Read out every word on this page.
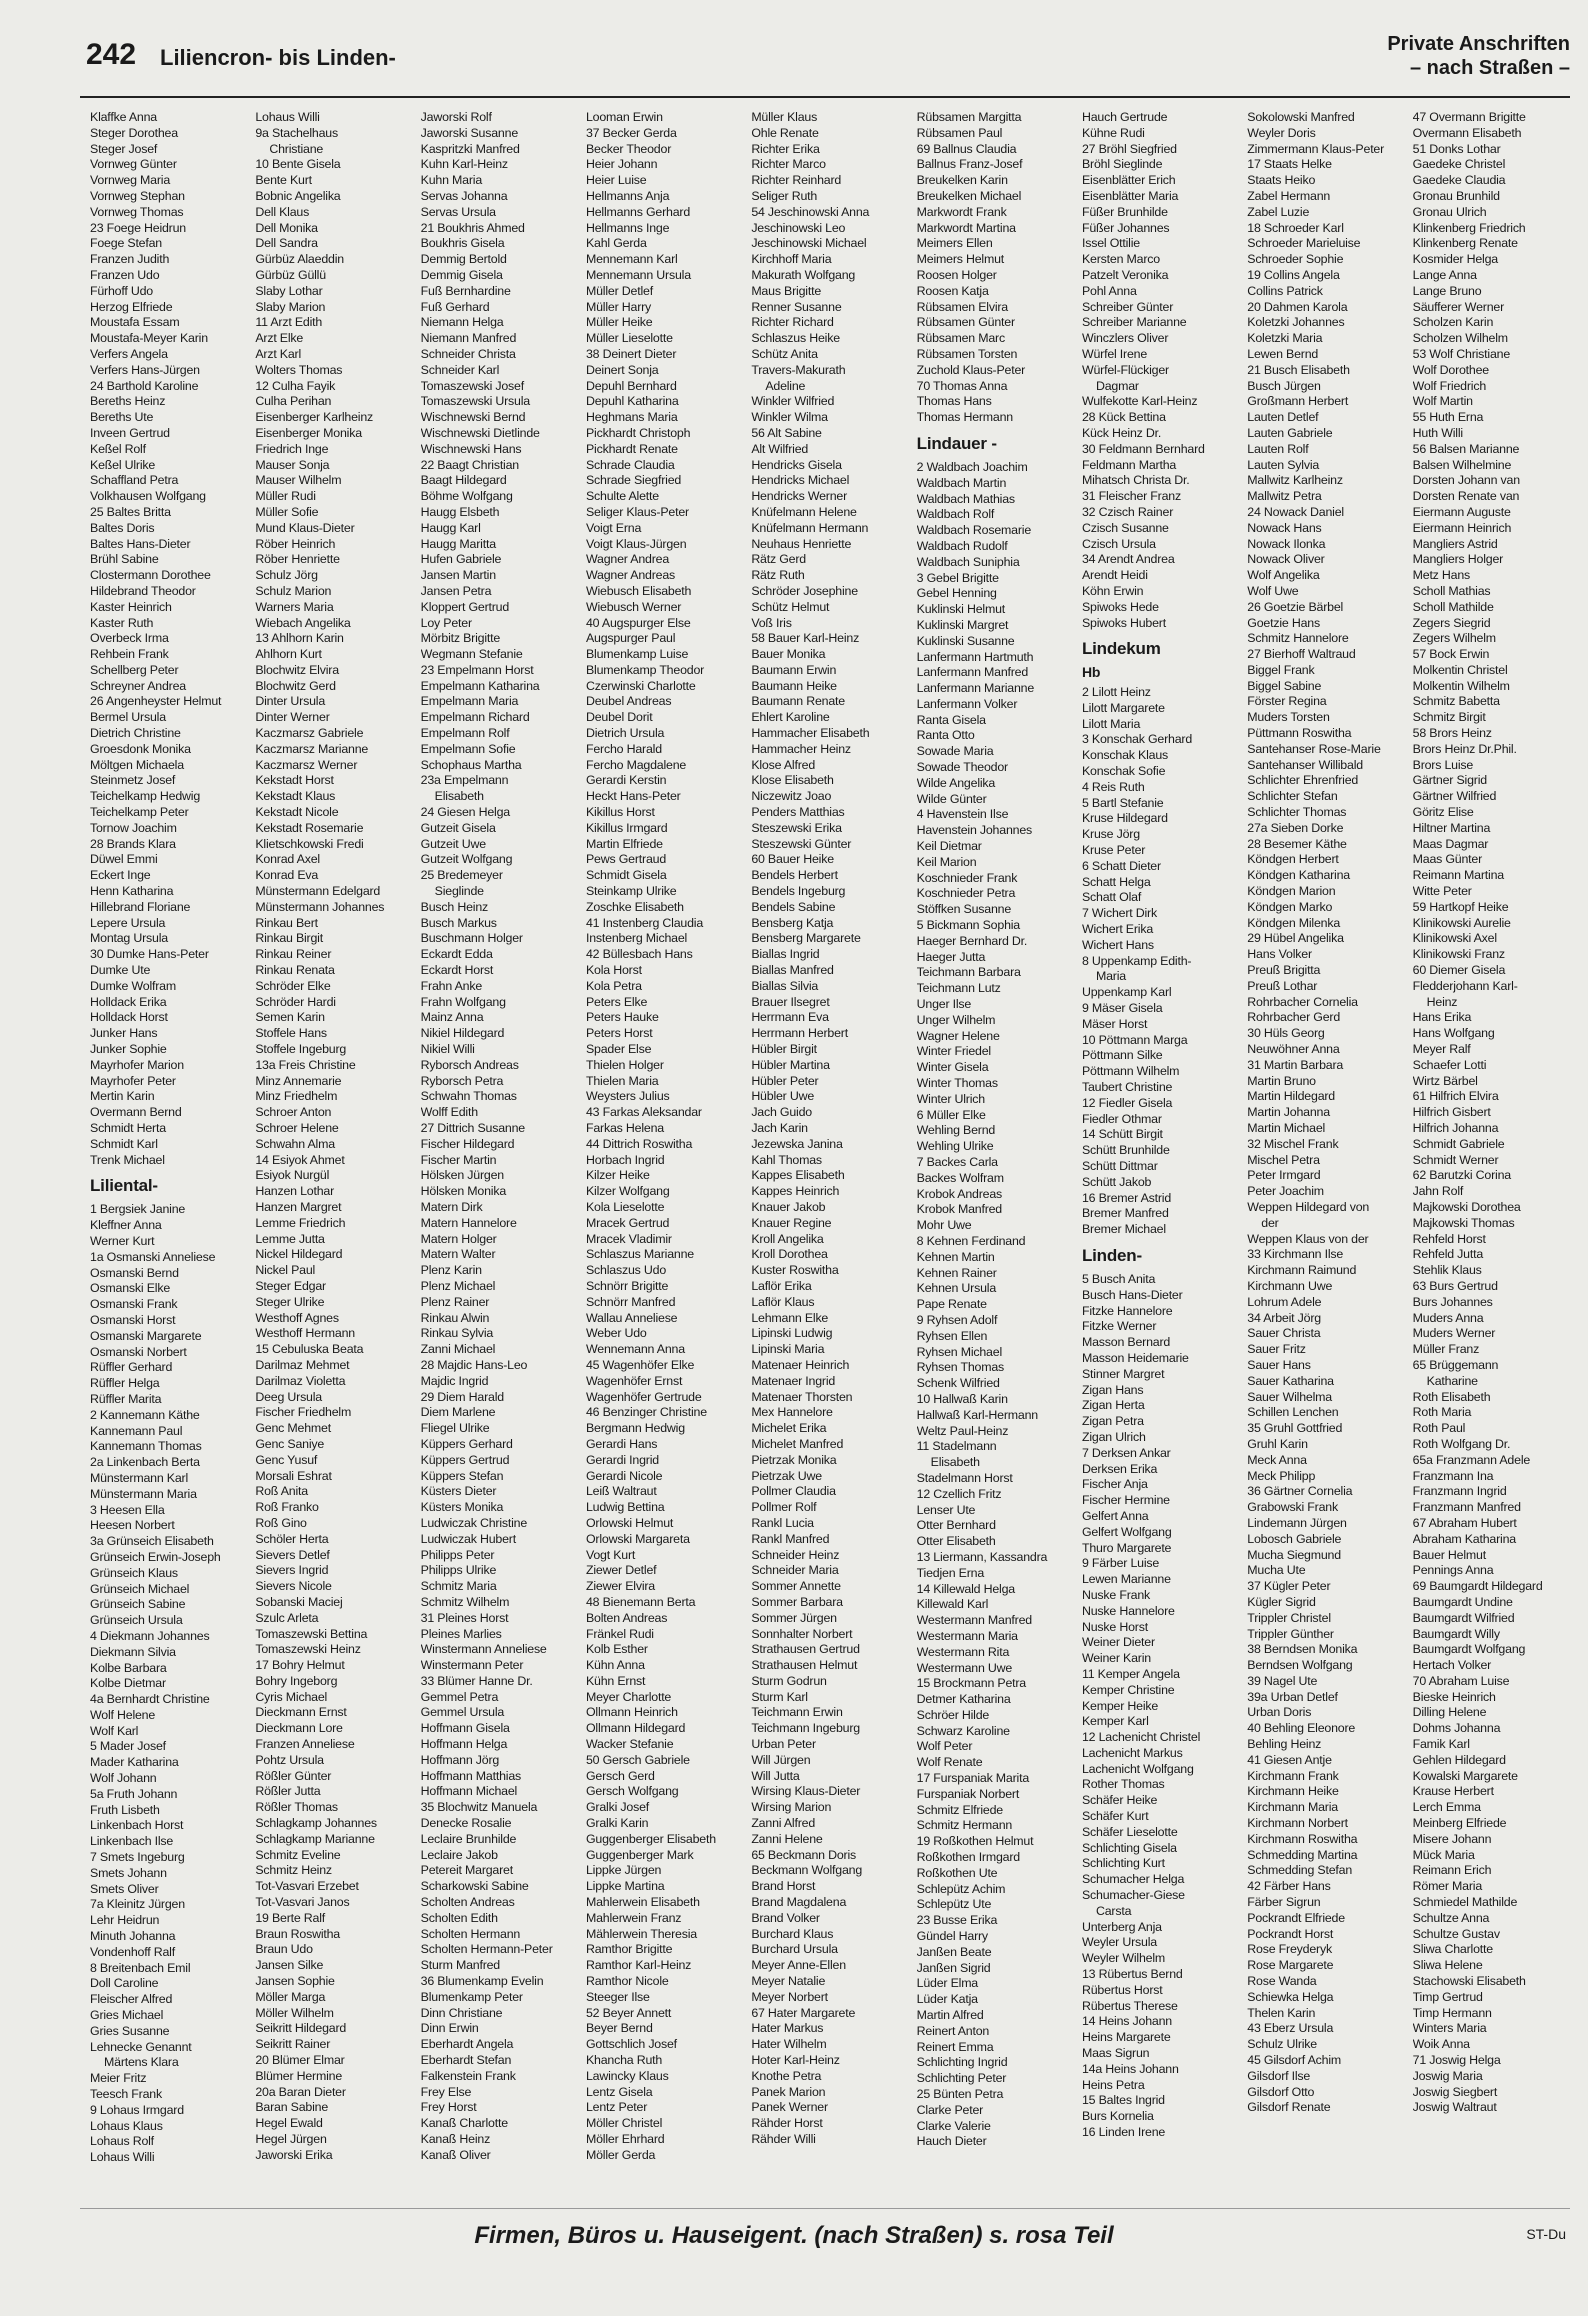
242 Liliencron- bis Linden-
Private Anschriften
– nach Straßen –
Klaffke Anna
Steger Dorothea
Steger Josef
Vornweg Günter
Vornweg Maria
Vornweg Stephan
Vornweg Thomas
23 Foege Heidrun
Foege Stefan
Franzen Judith
Franzen Udo
Fürhoff Udo
Herzog Elfriede
Moustafa Essam
Moustafa-Meyer Karin
Verfers Angela
Verfers Hans-Jürgen
24 Barthold Karoline
Bereths Heinz
Bereths Ute
Inveen Gertrud
Keßel Rolf
Keßel Ulrike
Schaffland Petra
Volkhausen Wolfgang
25 Baltes Britta
Baltes Doris
Baltes Hans-Dieter
Brühl Sabine
Clostermann Dorothee
Hildebrand Theodor
Kaster Heinrich
Kaster Ruth
Overbeck Irma
Rehbein Frank
Schellberg Peter
Schreyner Andrea
26 Angenheyster Helmut
Bermel Ursula
Dietrich Christine
Groesdonk Monika
Möltgen Michaela
Steinmetz Josef
Teichelkamp Hedwig
Teichelkamp Peter
Tornow Joachim
28 Brands Klara
Düwel Emmi
Eckert Inge
Henn Katharina
Hillebrand Floriane
Lepere Ursula
Montag Ursula
30 Dumke Hans-Peter
Dumke Ute
Dumke Wolfram
Holldack Erika
Holldack Horst
Junker Hans
Junker Sophie
Mayrhofer Marion
Mayrhofer Peter
Mertin Karin
Overmann Bernd
Schmidt Herta
Schmidt Karl
Trenk Michael
Liliental-
1 Bergsiek Janine
Kleffner Anna
Werner Kurt
1a Osmanski Anneliese
Osmanski Bernd
Osmanski Elke
Osmanski Frank
Osmanski Horst
Osmanski Margarete
Osmanski Norbert
Rüffler Gerhard
Rüffler Helga
Rüffler Marita
2 Kannemann Käthe
Kannemann Paul
Kannemann Thomas
2a Linkenbach Berta
Münstermann Karl
Münstermann Maria
3 Heesen Ella
Heesen Norbert
3a Grünseich Elisabeth
Grünseich Erwin-Joseph
Grünseich Klaus
Grünseich Michael
Grünseich Sabine
Grünseich Ursula
4 Diekmann Johannes
Diekmann Silvia
Kolbe Barbara
Kolbe Dietmar
4a Bernhardt Christine
Wolf Helene
Wolf Karl
5 Mader Josef
Mader Katharina
Wolf Johann
5a Fruth Johann
Fruth Lisbeth
Linkenbach Horst
Linkenbach Ilse
7 Smets Ingeburg
Smets Johann
Smets Oliver
7a Kleinitz Jürgen
Lehr Heidrun
Minuth Johanna
Vondenhoff Ralf
8 Breitenbach Emil
Doll Caroline
Fleischer Alfred
Gries Michael
Gries Susanne
Lehnecke Genannt
Märtens Klara
Meier Fritz
Teesch Frank
9 Lohaus Irmgard
Lohaus Klaus
Lohaus Rolf
Lohaus Willi
Lohaus Willi
9a Stachelhaus
Christiane
10 Bente Gisela
Bente Kurt
Bobnic Angelika
Dell Klaus
Dell Monika
Dell Sandra
Gürbüz Alaeddin
Gürbüz Güllü
Slaby Lothar
Slaby Marion
11 Arzt Edith
Arzt Elke
Arzt Karl
Wolters Thomas
12 Culha Fayik
Culha Perihan
Eisenberger Karlheinz
Eisenberger Monika
Friedrich Inge
Mauser Sonja
Mauser Wilhelm
Müller Rudi
Müller Sofie
Mund Klaus-Dieter
Röber Heinrich
Röber Henriette
Schulz Jörg
Schulz Marion
Warners Maria
Wiebach Angelika
13 Ahlhorn Karin
Ahlhorn Kurt
Blochwitz Elvira
Blochwitz Gerd
Dinter Ursula
Dinter Werner
Kaczmarsz Gabriele
Kaczmarsz Marianne
Kaczmarsz Werner
Kekstadt Horst
Kekstadt Klaus
Kekstadt Nicole
Kekstadt Rosemarie
Klietschkowski Fredi
Konrad Axel
Konrad Eva
Münstermann Edelgard
Münstermann Johannes
Rinkau Bert
Rinkau Birgit
Rinkau Reiner
Rinkau Renata
Schröder Elke
Schröder Hardi
Semen Karin
Stoffele Hans
Stoffele Ingeburg
13a Freis Christine
Minz Annemarie
Minz Friedhelm
Schroer Anton
Schroer Helene
Schwahn Alma
14 Esiyok Ahmet
Esiyok Nurgül
Hanzen Lothar
Hanzen Margret
Lemme Friedrich
Lemme Jutta
Nickel Hildegard
Nickel Paul
Steger Edgar
Steger Ulrike
Westhoff Agnes
Westhoff Hermann
15 Cebuluska Beata
Darilmaz Mehmet
Darilmaz Violetta
Deeg Ursula
Fischer Friedhelm
Genc Mehmet
Genc Saniye
Genc Yusuf
Morsali Eshrat
Roß Anita
Roß Franko
Roß Gino
Schöler Herta
Sievers Detlef
Sievers Ingrid
Sievers Nicole
Sobanski Maciej
Szulc Arleta
Tomaszewski Bettina
Tomaszewski Heinz
17 Bohry Helmut
Bohry Ingeborg
Cyris Michael
Dieckmann Ernst
Dieckmann Lore
Franzen Anneliese
Pohtz Ursula
Rößler Günter
Rößler Jutta
Rößler Thomas
Schlagkamp Johannes
Schlagkamp Marianne
Schmitz Eveline
Schmitz Heinz
Tot-Vasvari Erzebet
Tot-Vasvari Janos
19 Berte Ralf
Braun Roswitha
Braun Udo
Jansen Silke
Jansen Sophie
Möller Marga
Möller Wilhelm
Seikritt Hildegard
Seikritt Rainer
20 Blümer Elmar
Blümer Hermine
20a Baran Dieter
Baran Sabine
Hegel Ewald
Hegel Jürgen
Jaworski Erika
Jaworski Rolf
Jaworski Susanne
Kaspritzki Manfred
Kuhn Karl-Heinz
Kuhn Maria
Servas Johanna
Servas Ursula
21 Boukhris Ahmed
Boukhris Gisela
Demmig Bertold
Demmig Gisela
Fuß Bernhardine
Fuß Gerhard
Niemann Helga
Niemann Manfred
Schneider Christa
Schneider Karl
Tomaszewski Josef
Tomaszewski Ursula
Wischnewski Bernd
Wischnewski Dietlinde
Wischnewski Hans
22 Baagt Christian
Baagt Hildegard
Böhme Wolfgang
Haugg Elsbeth
Haugg Karl
Haugg Maritta
Hufen Gabriele
Jansen Martin
Jansen Petra
Kloppert Gertrud
Loy Peter
Mörbitz Brigitte
Wegmann Stefanie
23 Empelmann Horst
Empelmann Katharina
Empelmann Maria
Empelmann Richard
Empelmann Rolf
Empelmann Sofie
Schophaus Martha
23a Empelmann
Elisabeth
24 Giesen Helga
Gutzeit Gisela
Gutzeit Uwe
Gutzeit Wolfgang
25 Bredemeyer
Sieglinde
Busch Heinz
Busch Markus
Buschmann Holger
Eckardt Edda
Eckardt Horst
Frahn Anke
Frahn Wolfgang
Mainz Anna
Nikiel Hildegard
Nikiel Willi
Ryborsch Andreas
Ryborsch Petra
Schwahn Thomas
Wolff Edith
27 Dittrich Susanne
Fischer Hildegard
Fischer Martin
Hölsken Jürgen
Hölsken Monika
Matern Dirk
Matern Hannelore
Matern Holger
Matern Walter
Plenz Karin
Plenz Michael
Plenz Rainer
Rinkau Alwin
Rinkau Sylvia
Zanni Michael
28 Majdic Hans-Leo
Majdic Ingrid
29 Diem Harald
Diem Marlene
Fliegel Ulrike
Küppers Gerhard
Küppers Gertrud
Küppers Stefan
Küsters Dieter
Küsters Monika
Ludwiczak Christine
Ludwiczak Hubert
Philipps Peter
Philipps Ulrike
Schmitz Maria
Schmitz Wilhelm
31 Pleines Horst
Pleines Marlies
Winstermann Anneliese
Winstermann Peter
33 Blümer Hanne Dr.
Gemmel Petra
Gemmel Ursula
Hoffmann Gisela
Hoffmann Helga
Hoffmann Jörg
Hoffmann Matthias
Hoffmann Michael
35 Blochwitz Manuela
Denecke Rosalie
Leclaire Brunhilde
Leclaire Jakob
Petereit Margaret
Scharkowski Sabine
Scholten Andreas
Scholten Edith
Scholten Hermann
Scholten Hermann-Peter
Sturm Manfred
36 Blumenkamp Evelin
Blumenkamp Peter
Dinn Christiane
Dinn Erwin
Eberhardt Angela
Eberhardt Stefan
Falkenstein Frank
Frey Else
Frey Horst
Kanaß Charlotte
Kanaß Heinz
Kanaß Oliver
Looman Erwin
37 Becker Gerda
Becker Theodor
Heier Johann
Heier Luise
Hellmanns Anja
Hellmanns Gerhard
Hellmanns Inge
Kahl Gerda
Mennemann Karl
Mennemann Ursula
Müller Detlef
Müller Harry
Müller Heike
Müller Lieselotte
38 Deinert Dieter
Deinert Sonja
Depuhl Bernhard
Depuhl Katharina
Heghmans Maria
Pickhardt Christoph
Pickhardt Renate
Schrade Claudia
Schrade Siegfried
Schulte Alette
Seliger Klaus-Peter
Voigt Erna
Voigt Klaus-Jürgen
Wagner Andrea
Wagner Andreas
Wiebusch Elisabeth
Wiebusch Werner
40 Augspurger Else
Augspurger Paul
Blumenkamp Luise
Blumenkamp Theodor
Czerwinski Charlotte
Deubel Andreas
Deubel Dorit
Dietrich Ursula
Fercho Harald
Fercho Magdalene
Gerardi Kerstin
Heckt Hans-Peter
Kikillus Horst
Kikillus Irmgard
Martin Elfriede
Pews Gertraud
Schmidt Gisela
Steinkamp Ulrike
Zoschke Elisabeth
41 Instenberg Claudia
Instenberg Michael
42 Büllesbach Hans
Kola Horst
Kola Petra
Peters Elke
Peters Hauke
Peters Horst
Spader Else
Thielen Holger
Thielen Maria
Weysters Julius
43 Farkas Aleksandar
Farkas Helena
44 Dittrich Roswitha
Horbach Ingrid
Kilzer Heike
Kilzer Wolfgang
Kola Lieselotte
Mracek Gertrud
Mracek Vladimir
Schlaszus Marianne
Schlaszus Udo
Schnörr Brigitte
Schnörr Manfred
Wallau Anneliese
Weber Udo
Wennemann Anna
45 Wagenhöfer Elke
Wagenhöfer Ernst
Wagenhöfer Gertrude
46 Benzinger Christine
Bergmann Hedwig
Gerardi Hans
Gerardi Ingrid
Gerardi Nicole
Leiß Waltraut
Ludwig Bettina
Orlowski Helmut
Orlowski Margareta
Vogt Kurt
Ziewer Detlef
Ziewer Elvira
48 Bienemann Berta
Bolten Andreas
Fränkel Rudi
Kolb Esther
Kühn Anna
Kühn Ernst
Meyer Charlotte
Ollmann Heinrich
Ollmann Hildegard
Wacker Stefanie
50 Gersch Gabriele
Gersch Gerd
Gersch Wolfgang
Gralki Josef
Gralki Karin
Guggenberger Elisabeth
Guggenberger Mark
Lippke Jürgen
Lippke Martina
Mahlerwein Elisabeth
Mahlerwein Franz
Mählerwein Theresia
Ramthor Brigitte
Ramthor Karl-Heinz
Ramthor Nicole
Steeger Ilse
52 Beyer Annett
Beyer Bernd
Gottschlich Josef
Khancha Ruth
Lawincky Klaus
Lentz Gisela
Lentz Peter
Möller Christel
Möller Ehrhard
Möller Gerda
Müller Klaus
Ohle Renate
Richter Erika
Richter Marco
Richter Reinhard
Seliger Ruth
54 Jeschinowski Anna
Jeschinowski Leo
Jeschinowski Michael
Kirchhoff Maria
Makurath Wolfgang
Maus Brigitte
Renner Susanne
Richter Richard
Schlaszus Heike
Schütz Anita
Travers-Makurath
Adeline
Winkler Wilfried
Winkler Wilma
56 Alt Sabine
Alt Wilfried
Hendricks Gisela
Hendricks Michael
Hendricks Werner
Knüfelmann Helene
Knüfelmann Hermann
Neuhaus Henriette
Rätz Gerd
Rätz Ruth
Schröder Josephine
Schütz Helmut
Voß Iris
58 Bauer Karl-Heinz
Bauer Monika
Baumann Erwin
Baumann Heike
Baumann Renate
Ehlert Karoline
Hammacher Elisabeth
Hammacher Heinz
Klose Alfred
Klose Elisabeth
Niczewitz Joao
Penders Matthias
Steszewski Erika
Steszewski Günter
60 Bauer Heike
Bendels Herbert
Bendels Ingeburg
Bendels Sabine
Bensberg Katja
Bensberg Margarete
Biallas Ingrid
Biallas Manfred
Biallas Silvia
Brauer Ilsegret
Herrmann Eva
Herrmann Herbert
Hübler Birgit
Hübler Martina
Hübler Peter
Hübler Uwe
Jach Guido
Jach Karin
Jezewska Janina
Kahl Thomas
Kappes Elisabeth
Kappes Heinrich
Knauer Jakob
Knauer Regine
Kroll Angelika
Kroll Dorothea
Kuster Roswitha
Laflör Erika
Laflör Klaus
Lehmann Elke
Lipinski Ludwig
Lipinski Maria
Matenaer Heinrich
Matenaer Ingrid
Matenaer Thorsten
Mex Hannelore
Michelet Erika
Michelet Manfred
Pietrzak Monika
Pietrzak Uwe
Pollmer Claudia
Pollmer Rolf
Rankl Lucia
Rankl Manfred
Schneider Heinz
Schneider Maria
Sommer Annette
Sommer Barbara
Sommer Jürgen
Sonnhalter Norbert
Strathausen Gertrud
Strathausen Helmut
Sturm Godrun
Sturm Karl
Teichmann Erwin
Teichmann Ingeburg
Urban Peter
Will Jürgen
Will Jutta
Wirsing Klaus-Dieter
Wirsing Marion
Zanni Alfred
Zanni Helene
65 Beckmann Doris
Beckmann Wolfgang
Brand Horst
Brand Magdalena
Brand Volker
Burchard Klaus
Burchard Ursula
Meyer Anne-Ellen
Meyer Natalie
Meyer Norbert
67 Hater Margarete
Hater Markus
Hater Wilhelm
Hoter Karl-Heinz
Knothe Petra
Panek Marion
Panek Werner
Rähder Horst
Rähder Willi
Rübsamen Margitta
Rübsamen Paul
69 Ballnus Claudia
Ballnus Franz-Josef
Breukelken Karin
Breukelken Michael
Markwordt Frank
Markwordt Martina
Meimers Ellen
Meimers Helmut
Roosen Holger
Roosen Katja
Rübsamen Elvira
Rübsamen Günter
Rübsamen Marc
Rübsamen Torsten
Zuchold Klaus-Peter
70 Thomas Anna
Thomas Hans
Thomas Hermann
Lindauer -
2 Waldbach Joachim
Waldbach Martin
Waldbach Mathias
Waldbach Rolf
Waldbach Rosemarie
Waldbach Rudolf
Waldbach Suniphia
3 Gebel Brigitte
Gebel Henning
Kuklinski Helmut
Kuklinski Margret
Kuklinski Susanne
Lanfermann Hartmuth
Lanfermann Manfred
Lanfermann Marianne
Lanfermann Volker
Ranta Gisela
Ranta Otto
Sowade Maria
Sowade Theodor
Wilde Angelika
Wilde Günter
4 Havenstein Ilse
Havenstein Johannes
Keil Dietmar
Keil Marion
Koschnieder Frank
Koschnieder Petra
Stöffken Susanne
5 Bickmann Sophia
Haeger Bernhard Dr.
Haeger Jutta
Teichmann Barbara
Teichmann Lutz
Unger Ilse
Unger Wilhelm
Wagner Helene
Winter Friedel
Winter Gisela
Winter Thomas
Winter Ulrich
6 Müller Elke
Wehling Bernd
Wehling Ulrike
7 Backes Carla
Backes Wolfram
Krobok Andreas
Krobok Manfred
Mohr Uwe
8 Kehnen Ferdinand
Kehnen Martin
Kehnen Rainer
Kehnen Ursula
Pape Renate
9 Ryhsen Adolf
Ryhsen Ellen
Ryhsen Michael
Ryhsen Thomas
Schenk Wilfried
10 Hallwaß Karin
Hallwaß Karl-Hermann
Weltz Paul-Heinz
11 Stadelmann
Elisabeth
Stadelmann Horst
12 Czellich Fritz
Lenser Ute
Otter Bernhard
Otter Elisabeth
13 Liermann, Kassandra
Tiedjen Erna
14 Killewald Helga
Killewald Karl
Westermann Manfred
Westermann Maria
Westermann Rita
Westermann Uwe
15 Brockmann Petra
Detmer Katharina
Schröer Hilde
Schwarz Karoline
Wolf Peter
Wolf Renate
17 Furspaniak Marita
Furspaniak Norbert
Schmitz Elfriede
Schmitz Hermann
19 Roßkothen Helmut
Roßkothen Irmgard
Roßkothen Ute
Schlepütz Achim
Schlepütz Ute
23 Busse Erika
Gündel Harry
Janßen Beate
Janßen Sigrid
Lüder Elma
Lüder Katja
Martin Alfred
Reinert Anton
Reinert Emma
Schlichting Ingrid
Schlichting Peter
25 Bünten Petra
Clarke Peter
Clarke Valerie
Hauch Dieter
Hauch Gertrude
Kühne Rudi
27 Bröhl Siegfried
Bröhl Sieglinde
Eisenblätter Erich
Eisenblätter Maria
Füßer Brunhilde
Füßer Johannes
Issel Ottilie
Kersten Marco
Patzelt Veronika
Pohl Anna
Schreiber Günter
Schreiber Marianne
Winczlers Oliver
Würfel Irene
Würfel-Flückiger
Dagmar
Wulfekotte Karl-Heinz
28 Kück Bettina
Kück Heinz Dr.
30 Feldmann Bernhard
Feldmann Martha
Mihatsch Christa Dr.
31 Fleischer Franz
32 Czisch Rainer
Czisch Susanne
Czisch Ursula
34 Arendt Andrea
Arendt Heidi
Köhn Erwin
Spiwoks Hede
Spiwoks Hubert
Lindekum
Hb
2 Lilott Heinz
Lilott Margarete
Lilott Maria
3 Konschak Gerhard
Konschak Klaus
Konschak Sofie
4 Reis Ruth
5 Bartl Stefanie
Kruse Hildegard
Kruse Jörg
Kruse Peter
6 Schatt Dieter
Schatt Helga
Schatt Olaf
7 Wichert Dirk
Wichert Erika
Wichert Hans
8 Uppenkamp Edith-
Maria
Uppenkamp Karl
9 Mäser Gisela
Mäser Horst
10 Pöttmann Marga
Pöttmann Silke
Pöttmann Wilhelm
Taubert Christine
12 Fiedler Gisela
Fiedler Othmar
14 Schütt Birgit
Schütt Brunhilde
Schütt Dittmar
Schütt Jakob
16 Bremer Astrid
Bremer Manfred
Bremer Michael
Linden-
5 Busch Anita
Busch Hans-Dieter
Fitzke Hannelore
Fitzke Werner
Masson Bernard
Masson Heidemarie
Stinner Margret
Zigan Hans
Zigan Herta
Zigan Petra
Zigan Ulrich
7 Derksen Ankar
Derksen Erika
Fischer Anja
Fischer Hermine
Gelfert Anna
Gelfert Wolfgang
Thuro Margarete
9 Färber Luise
Lewen Marianne
Nuske Frank
Nuske Hannelore
Nuske Horst
Weiner Dieter
Weiner Karin
11 Kemper Angela
Kemper Christine
Kemper Heike
Kemper Karl
12 Lachenicht Christel
Lachenicht Markus
Lachenicht Wolfgang
Rother Thomas
Schäfer Heike
Schäfer Kurt
Schäfer Lieselotte
Schlichting Gisela
Schlichting Kurt
Schumacher Helga
Schumacher-Giese
Carsta
Unterberg Anja
Weyler Ursula
Weyler Wilhelm
13 Rübertus Bernd
Rübertus Horst
Rübertus Therese
14 Heins Johann
Heins Margarete
Maas Sigrun
14a Heins Johann
Heins Petra
15 Baltes Ingrid
Burs Kornelia
16 Linden Irene
Sokolowski Manfred
Weyler Doris
Zimmermann Klaus-Peter
17 Staats Helke
Staats Heiko
Zabel Hermann
Zabel Luzie
18 Schroeder Karl
Schroeder Marieluise
Schroeder Sophie
19 Collins Angela
Collins Patrick
20 Dahmen Karola
Koletzki Johannes
Koletzki Maria
Lewen Bernd
21 Busch Elisabeth
Busch Jürgen
Großmann Herbert
Lauten Detlef
Lauten Gabriele
Lauten Rolf
Lauten Sylvia
Mallwitz Karlheinz
Mallwitz Petra
24 Nowack Daniel
Nowack Hans
Nowack Ilonka
Nowack Oliver
Wolf Angelika
Wolf Uwe
26 Goetzie Bärbel
Goetzie Hans
Schmitz Hannelore
27 Bierhoff Waltraud
Biggel Frank
Biggel Sabine
Förster Regina
Muders Torsten
Püttmann Roswitha
Santehanser Rose-Marie
Santehanser Willibald
Schlichter Ehrenfried
Schlichter Stefan
Schlichter Thomas
27a Sieben Dorke
28 Besemer Käthe
Köndgen Herbert
Köndgen Katharina
Köndgen Marion
Köndgen Marko
Köndgen Milenka
29 Hübel Angelika
Hans Volker
Preuß Brigitta
Preuß Lothar
Rohrbacher Cornelia
Rohrbacher Gerd
30 Hüls Georg
Neuwöhner Anna
31 Martin Barbara
Martin Bruno
Martin Hildegard
Martin Johanna
Martin Michael
32 Mischel Frank
Mischel Petra
Peter Irmgard
Peter Joachim
Weppen Hildegard von
der
Weppen Klaus von der
33 Kirchmann Ilse
Kirchmann Raimund
Kirchmann Uwe
Lohrum Adele
34 Arbeit Jörg
Sauer Christa
Sauer Fritz
Sauer Hans
Sauer Katharina
Sauer Wilhelma
Schillen Lenchen
35 Gruhl Gottfried
Gruhl Karin
Meck Anna
Meck Philipp
36 Gärtner Cornelia
Grabowski Frank
Lindemann Jürgen
Lobosch Gabriele
Mucha Siegmund
Mucha Ute
37 Kügler Peter
Kügler Sigrid
Trippler Christel
Trippler Günther
38 Berndsen Monika
Berndsen Wolfgang
39 Nagel Ute
39a Urban Detlef
Urban Doris
40 Behling Eleonore
Behling Heinz
41 Giesen Antje
Kirchmann Frank
Kirchmann Heike
Kirchmann Maria
Kirchmann Norbert
Kirchmann Roswitha
Schmedding Martina
Schmedding Stefan
42 Färber Hans
Färber Sigrun
Pockrandt Elfriede
Pockrandt Horst
Rose Freyderyk
Rose Margarete
Rose Wanda
Schiewka Helga
Thelen Karin
43 Eberz Ursula
Schulz Ulrike
45 Gilsdorf Achim
Gilsdorf Ilse
Gilsdorf Otto
Gilsdorf Renate
47 Overmann Brigitte
Overmann Elisabeth
51 Donks Lothar
Gaedeke Christel
Gaedeke Claudia
Gronau Brunhild
Gronau Ulrich
Klinkenberg Friedrich
Klinkenberg Renate
Kosmider Helga
Lange Anna
Lange Bruno
Säufferer Werner
Scholzen Karin
Scholzen Wilhelm
53 Wolf Christiane
Wolf Dorothee
Wolf Friedrich
Wolf Martin
55 Huth Erna
Huth Willi
56 Balsen Marianne
Balsen Wilhelmine
Dorsten Johann van
Dorsten Renate van
Eiermann Auguste
Eiermann Heinrich
Mangliers Astrid
Mangliers Holger
Metz Hans
Scholl Mathias
Scholl Mathilde
Zegers Siegrid
Zegers Wilhelm
57 Bock Erwin
Molkentin Christel
Molkentin Wilhelm
Schmitz Babetta
Schmitz Birgit
58 Brors Heinz
Brors Heinz Dr.Phil.
Brors Luise
Gärtner Sigrid
Gärtner Wilfried
Göritz Elise
Hiltner Martina
Maas Dagmar
Maas Günter
Reimann Martina
Witte Peter
59 Hartkopf Heike
Klinikowski Aurelie
Klinikowski Axel
Klinikowski Franz
60 Diemer Gisela
Fledderjohann Karl-
Heinz
Hans Erika
Hans Wolfgang
Meyer Ralf
Schaefer Lotti
Wirtz Bärbel
61 Hilfrich Elvira
Hilfrich Gisbert
Hilfrich Johanna
Schmidt Gabriele
Schmidt Werner
62 Barutzki Corina
Jahn Rolf
Majkowski Dorothea
Majkowski Thomas
Rehfeld Horst
Rehfeld Jutta
Stehlik Klaus
63 Burs Gertrud
Burs Johannes
Muders Anna
Muders Werner
Müller Franz
65 Brüggemann
Katharine
Roth Elisabeth
Roth Maria
Roth Paul
Roth Wolfgang Dr.
65a Franzmann Adele
Franzmann Ina
Franzmann Ingrid
Franzmann Manfred
67 Abraham Hubert
Abraham Katharina
Bauer Helmut
Pennings Anna
69 Baumgardt Hildegard
Baumgardt Undine
Baumgardt Wilfried
Baumgardt Willy
Baumgardt Wolfgang
Hertach Volker
70 Abraham Luise
Bieske Heinrich
Dilling Helene
Dohms Johanna
Famik Karl
Gehlen Hildegard
Kowalski Margarete
Krause Herbert
Lerch Emma
Meinberg Elfriede
Misere Johann
Mück Maria
Reimann Erich
Römer Maria
Schmiedel Mathilde
Schultze Anna
Schultze Gustav
Sliwa Charlotte
Sliwa Helene
Stachowski Elisabeth
Timp Gertrud
Timp Hermann
Winters Maria
Woik Anna
71 Joswig Helga
Joswig Maria
Joswig Siegbert
Joswig Waltraut
Firmen, Büros u. Hauseigent. (nach Straßen) s. rosa Teil	ST-Du
